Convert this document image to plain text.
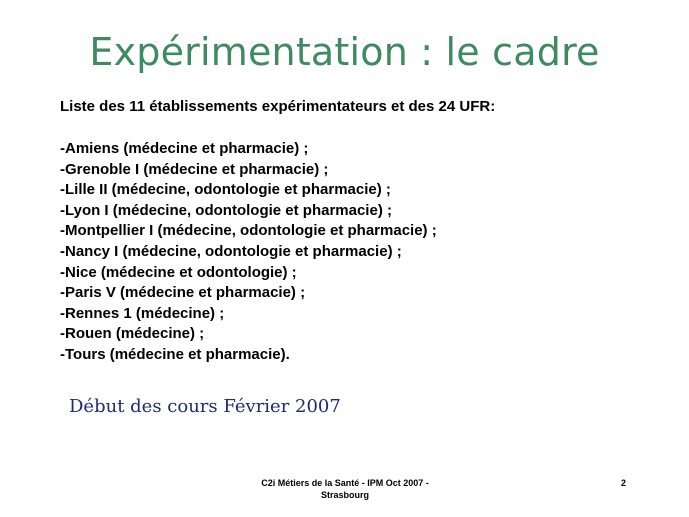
Expérimentation : le cadre
Liste des 11 établissements expérimentateurs et des 24 UFR:
-Amiens (médecine et pharmacie) ;
-Grenoble I (médecine et pharmacie) ;
-Lille II (médecine, odontologie et pharmacie) ;
-Lyon I (médecine, odontologie et pharmacie) ;
-Montpellier I (médecine, odontologie et pharmacie) ;
-Nancy I (médecine, odontologie et pharmacie) ;
-Nice (médecine et odontologie) ;
-Paris V (médecine et pharmacie) ;
-Rennes 1 (médecine) ;
-Rouen (médecine) ;
-Tours (médecine et pharmacie).
Début des cours Février 2007
C2i Métiers de la Santé - IPM Oct 2007 -
Strasbourg
2
